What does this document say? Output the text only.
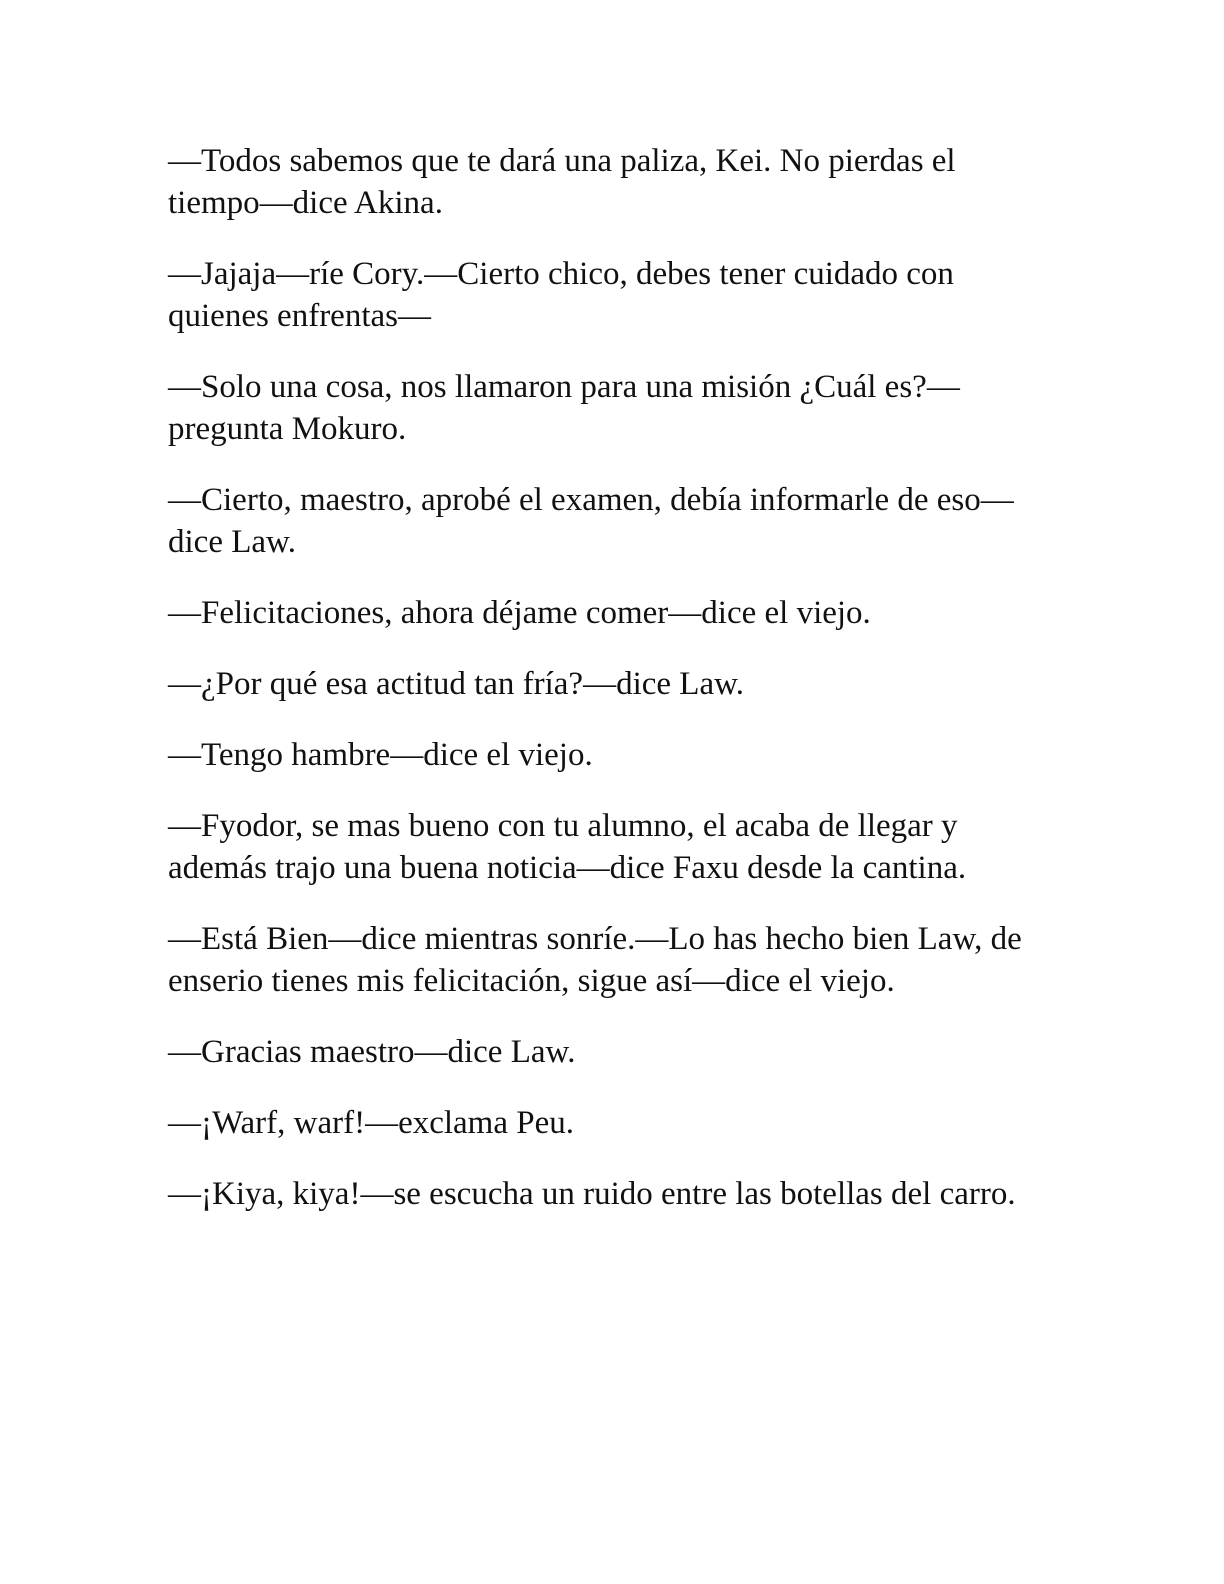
—Todos sabemos que te dará una paliza, Kei. No pierdas el tiempo—dice Akina.

—Jajaja—ríe Cory.—Cierto chico, debes tener cuidado con quienes enfrentas—

—Solo una cosa, nos llamaron para una misión ¿Cuál es?—pregunta Mokuro.

—Cierto, maestro, aprobé el examen, debía informarle de eso—dice Law.

—Felicitaciones, ahora déjame comer—dice el viejo.

—¿Por qué esa actitud tan fría?—dice Law.

—Tengo hambre—dice el viejo.

—Fyodor, se mas bueno con tu alumno, el acaba de llegar y además trajo una buena noticia—dice Faxu desde la cantina.

—Está Bien—dice mientras sonríe.—Lo has hecho bien Law, de enserio tienes mis felicitación, sigue así—dice el viejo.

—Gracias maestro—dice Law.

—¡Warf, warf!—exclama Peu.

—¡Kiya, kiya!—se escucha un ruido entre las botellas del carro.
